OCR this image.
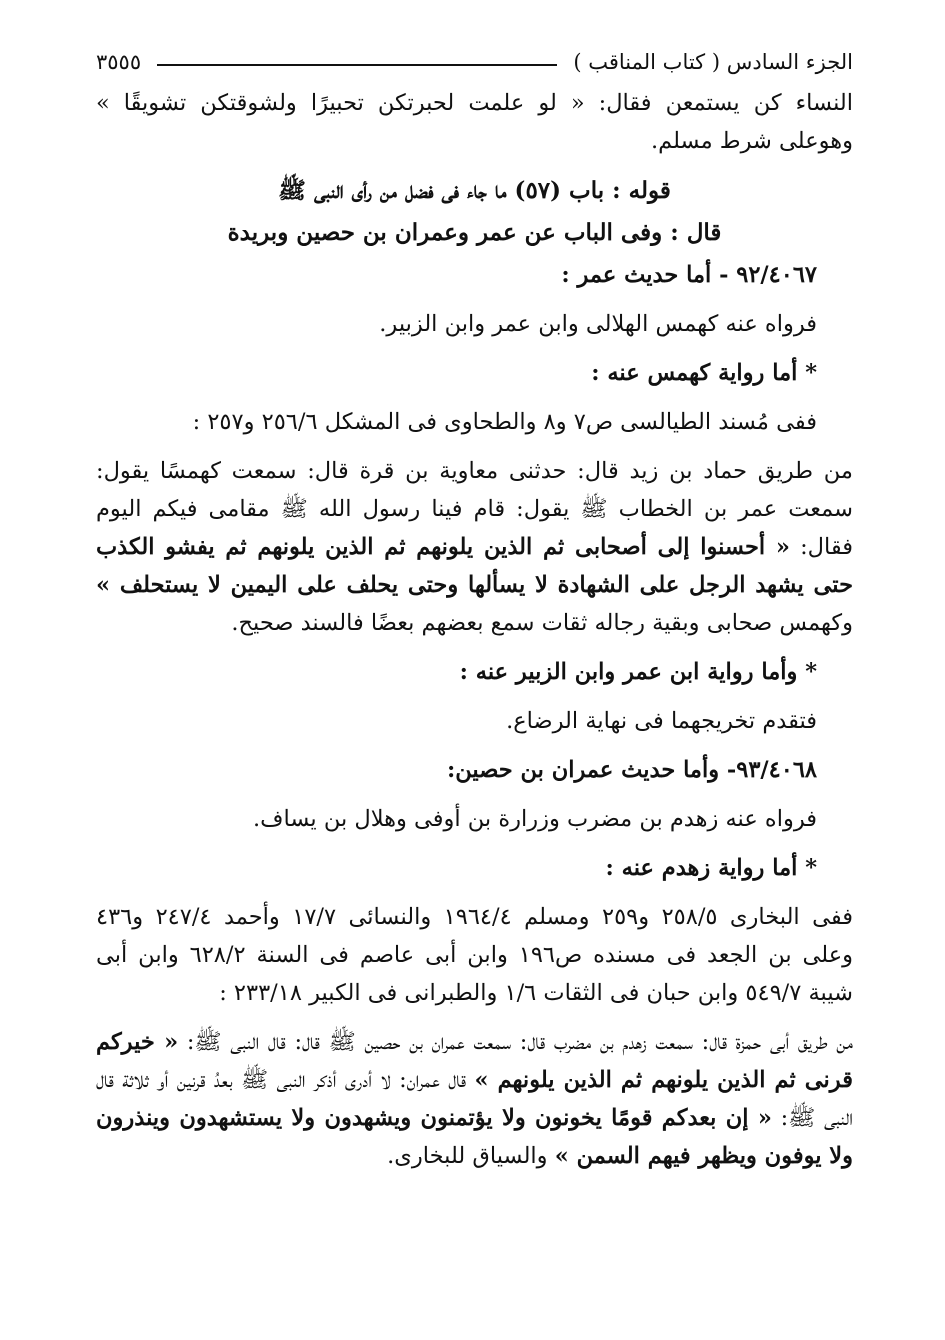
الجزء السادس ( كتاب المناقب )
٣٥٥٥

النساء كن يستمعن فقال: « لو علمت لحبرتكن تحبيرًا ولشوقتكن تشويقًا » وهوعلى شرط مسلم.

قوله : باب (٥٧) ما جاء فى فضل من رأى النبى ﷺ

قال : وفى الباب عن عمر وعمران بن حصين وبريدة

٩٢/٤٠٦٧ - أما حديث عمر :

فرواه عنه كهمس الهلالى وابن عمر وابن الزبير.

* أما رواية كهمس عنه :

ففى مُسند الطيالسى ص٧ و٨ والطحاوى فى المشكل ٢٥٦/٦ و٢٥٧ :

من طريق حماد بن زيد قال: حدثنى معاوية بن قرة قال: سمعت كهمسًا يقول: سمعت عمر بن الخطاب ﷺ يقول: قام فينا رسول الله ﷺ مقامى فيكم اليوم فقال: « أحسنوا إلى أصحابى ثم الذين يلونهم ثم الذين يلونهم ثم يفشو الكذب حتى يشهد الرجل على الشهادة لا يسألها وحتى يحلف على اليمين لا يستحلف » وكهمس صحابى وبقية رجاله ثقات سمع بعضهم بعضًا فالسند صحيح.

* وأما رواية ابن عمر وابن الزبير عنه :

فتقدم تخريجهما فى نهاية الرضاع.

٩٣/٤٠٦٨- وأما حديث عمران بن حصين:

فرواه عنه زهدم بن مضرب وزرارة بن أوفى وهلال بن يساف.

* أما رواية زهدم عنه :

ففى البخارى ٢٥٨/٥ و٢٥٩ ومسلم ١٩٦٤/٤ والنسائى ١٧/٧ وأحمد ٢٤٧/٤ و٤٣٦ وعلى بن الجعد فى مسنده ص١٩٦ وابن أبى عاصم فى السنة ٦٢٨/٢ وابن أبى شيبة ٥٤٩/٧ وابن حبان فى الثقات ١/٦ والطبرانى فى الكبير ٢٣٣/١٨ :

من طريق أبى حمزة قال: سمعت زهدم بن مضرب قال: سمعت عمران بن حصين ﷺ قال: قال النبى ﷺ: « خيركم قرنى ثم الذين يلونهم ثم الذين يلونهم » قال عمران: لا أدرى أذكر النبى ﷺ بعدُ قرنين أو ثلاثة قال النبى ﷺ: « إن بعدكم قومًا يخونون ولا يؤتمنون ويشهدون ولا يستشهدون وينذرون ولا يوفون ويظهر فيهم السمن » والسياق للبخارى.
